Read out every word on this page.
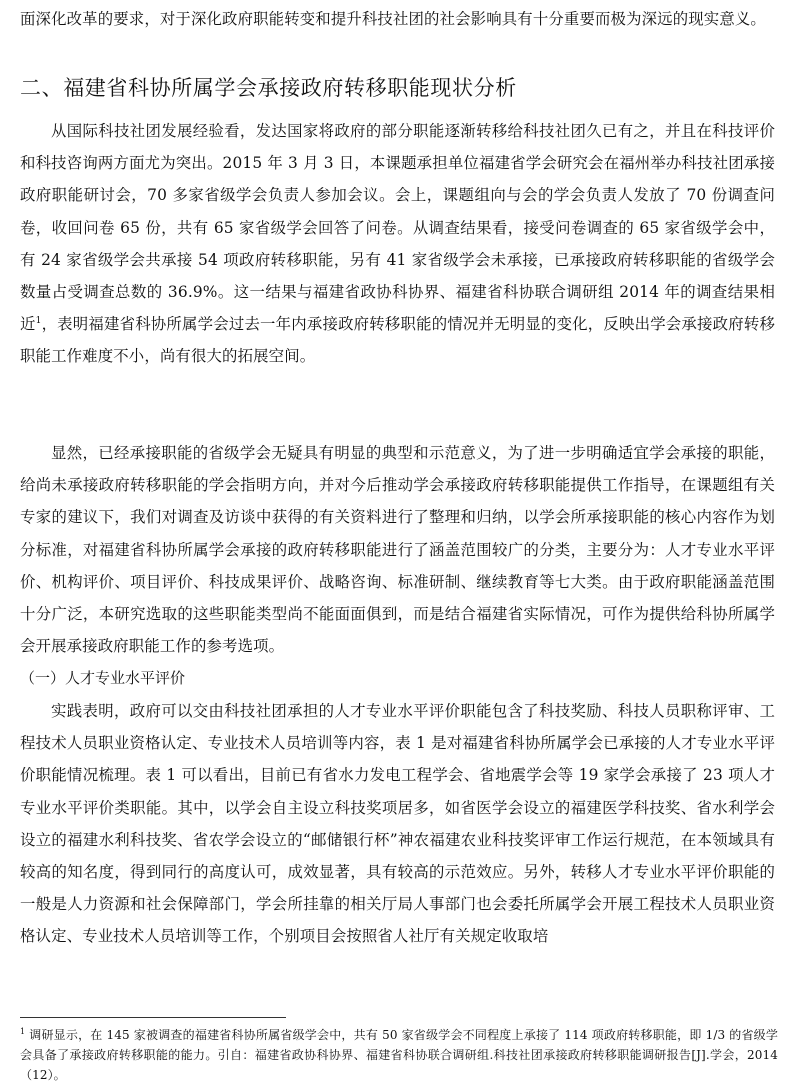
面深化改革的要求，对于深化政府职能转变和提升科技社团的社会影响具有十分重要而极为深远的现实意义。

二、福建省科协所属学会承接政府转移职能现状分析

从国际科技社团发展经验看，发达国家将政府的部分职能逐渐转移给科技社团久已有之，并且在科技评价和科技咨询两方面尤为突出。2015 年 3 月 3 日，本课题承担单位福建省学会研究会在福州举办科技社团承接政府职能研讨会，70 多家省级学会负责人参加会议。会上，课题组向与会的学会负责人发放了 70 份调查问卷，收回问卷 65 份，共有 65 家省级学会回答了问卷。从调查结果看，接受问卷调查的 65 家省级学会中，有 24 家省级学会共承接 54 项政府转移职能，另有 41 家省级学会未承接，已承接政府转移职能的省级学会数量占受调查总数的 36.9%。这一结果与福建省政协科协界、福建省科协联合调研组 2014 年的调查结果相近$^1$，表明福建省科协所属学会过去一年内承接政府转移职能的情况并无明显的变化，反映出学会承接政府转移职能工作难度不小，尚有很大的拓展空间。

显然，已经承接职能的省级学会无疑具有明显的典型和示范意义，为了进一步明确适宜学会承接的职能，给尚未承接政府转移职能的学会指明方向，并对今后推动学会承接政府转移职能提供工作指导，在课题组有关专家的建议下，我们对调查及访谈中获得的有关资料进行了整理和归纳，以学会所承接职能的核心内容作为划分标准，对福建省科协所属学会承接的政府转移职能进行了涵盖范围较广的分类，主要分为：人才专业水平评价、机构评价、项目评价、科技成果评价、战略咨询、标准研制、继续教育等七大类。由于政府职能涵盖范围十分广泛，本研究选取的这些职能类型尚不能面面俱到，而是结合福建省实际情况，可作为提供给科协所属学会开展承接政府职能工作的参考选项。

（一）人才专业水平评价

实践表明，政府可以交由科技社团承担的人才专业水平评价职能包含了科技奖励、科技人员职称评审、工程技术人员职业资格认定、专业技术人员培训等内容，表 1 是对福建省科协所属学会已承接的人才专业水平评价职能情况梳理。表 1 可以看出，目前已有省水力发电工程学会、省地震学会等 19 家学会承接了 23 项人才专业水平评价类职能。其中，以学会自主设立科技奖项居多，如省医学会设立的福建医学科技奖、省水利学会设立的福建水利科技奖、省农学会设立的“邮储银行杯”神农福建农业科技奖评审工作运行规范，在本领域具有较高的知名度，得到同行的高度认可，成效显著，具有较高的示范效应。另外，转移人才专业水平评价职能的一般是人力资源和社会保障部门，学会所挂靠的相关厅局人事部门也会委托所属学会开展工程技术人员职业资格认定、专业技术人员培训等工作，个别项目会按照省人社厅有关规定收取培

$^1$ 调研显示，在 145 家被调查的福建省科协所属省级学会中，共有 50 家省级学会不同程度上承接了 114 项政府转移职能，即 1/3 的省级学会具备了承接政府转移职能的能力。引自：福建省政协科协界、福建省科协联合调研组.科技社团承接政府转移职能调研报告[J].学会，2014（12）。
